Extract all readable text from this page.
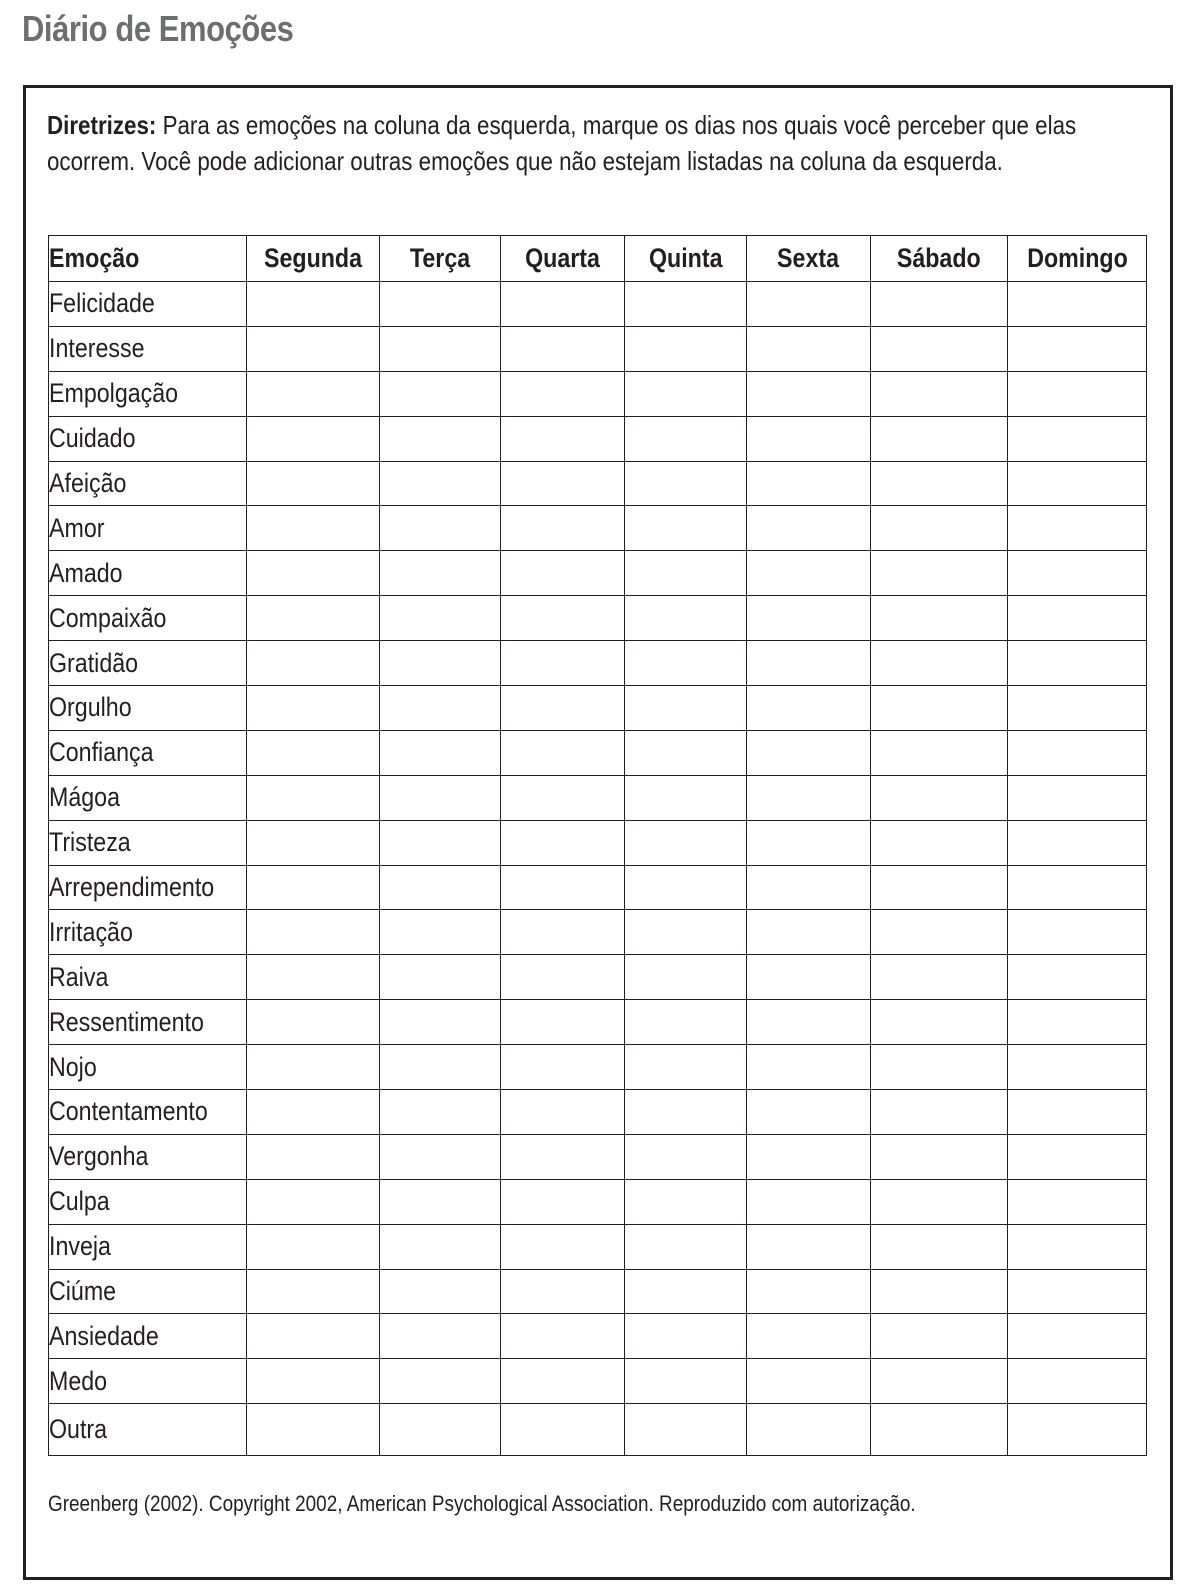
Diário de Emoções
Diretrizes: Para as emoções na coluna da esquerda, marque os dias nos quais você perceber que elas ocorrem. Você pode adicionar outras emoções que não estejam listadas na coluna da esquerda.
Emoção	Segunda	Terça	Quarta	Quinta	Sexta	Sábado	Domingo
Felicidade							
Interesse							
Empolgação							
Cuidado							
Afeição							
Amor							
Amado							
Compaixão							
Gratidão							
Orgulho							
Confiança							
Mágoa							
Tristeza							
Arrependimento							
Irritação							
Raiva							
Ressentimento							
Nojo							
Contentamento							
Vergonha							
Culpa							
Inveja							
Ciúme							
Ansiedade							
Medo							
Outra							
Greenberg (2002). Copyright 2002, American Psychological Association. Reproduzido com autorização.
